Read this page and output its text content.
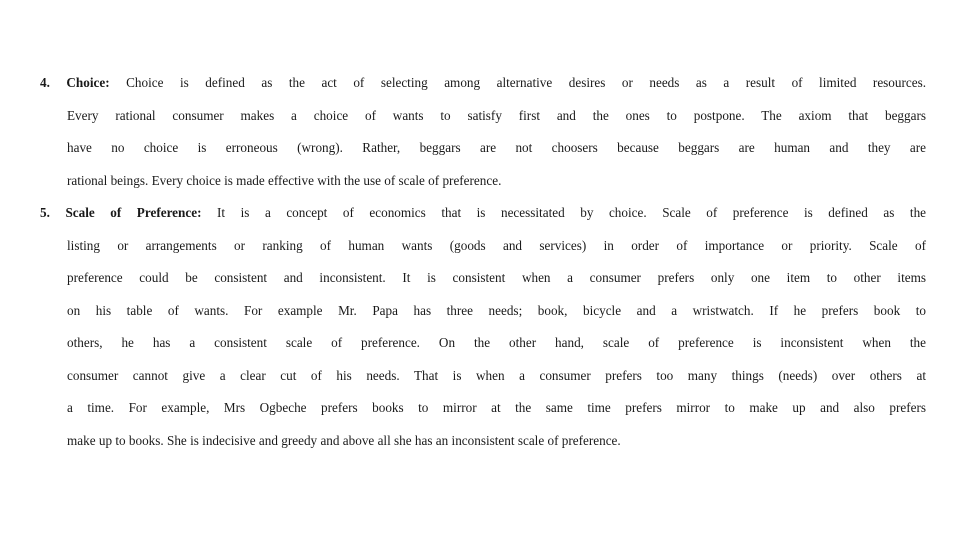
4. Choice: Choice is defined as the act of selecting among alternative desires or needs as a result of limited resources.
Every rational consumer makes a choice of wants to satisfy first and the ones to postpone. The axiom that beggars
have no choice is erroneous (wrong). Rather, beggars are not choosers because beggars are human and they are
rational beings. Every choice is made effective with the use of scale of preference.
5. Scale of Preference: It is a concept of economics that is necessitated by choice. Scale of preference is defined as the
listing or arrangements or ranking of human wants (goods and services) in order of importance or priority. Scale of
preference could be consistent and inconsistent. It is consistent when a consumer prefers only one item to other items
on his table of wants. For example Mr. Papa has three needs; book, bicycle and a wristwatch. If he prefers book to
others, he has a consistent scale of preference. On the other hand, scale of preference is inconsistent when the
consumer cannot give a clear cut of his needs. That is when a consumer prefers too many things (needs) over others at
a time. For example, Mrs Ogbeche prefers books to mirror at the same time prefers mirror to make up and also prefers
make up to books. She is indecisive and greedy and above all she has an inconsistent scale of preference.
